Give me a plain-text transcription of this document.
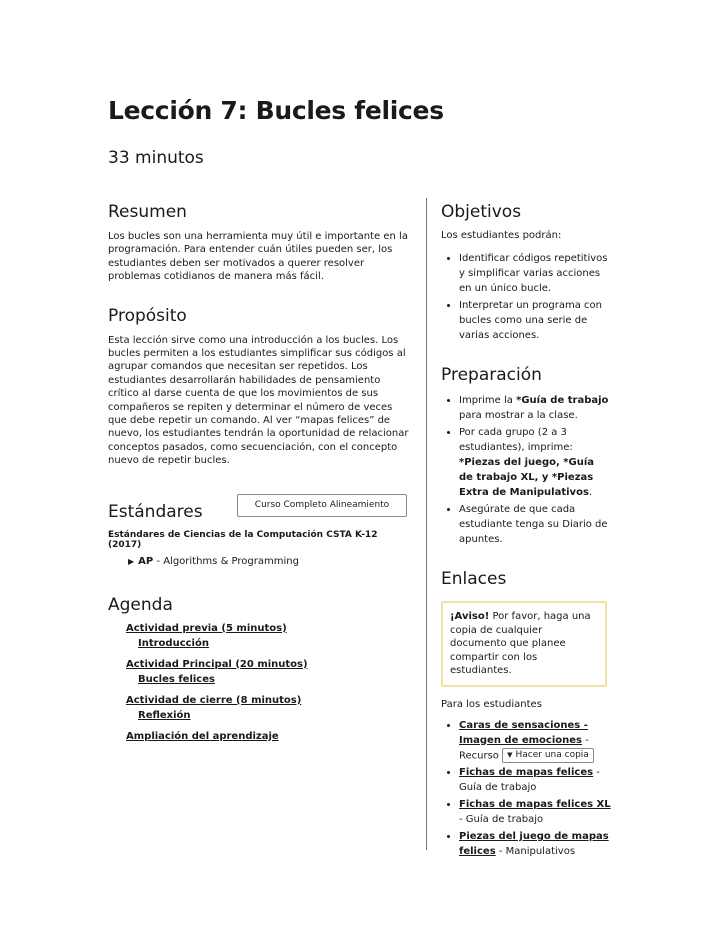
Lección 7: Bucles felices
33 minutos
Resumen

Los bucles son una herramienta muy útil e importante en la programación. Para entender cuán útiles pueden ser, los estudiantes deben ser motivados a querer resolver problemas cotidianos de manera más fácil.

Propósito

Esta lección sirve como una introducción a los bucles. Los bucles permiten a los estudiantes simplificar sus códigos al agrupar comandos que necesitan ser repetidos. Los estudiantes desarrollarán habilidades de pensamiento crítico al darse cuenta de que los movimientos de sus compañeros se repiten y determinar el número de veces que debe repetir un comando. Al ver “mapas felices” de nuevo, los estudiantes tendrán la oportunidad de relacionar conceptos pasados, como secuenciación, con el concepto nuevo de repetir bucles.

Estándares	Curso Completo Alineamiento
Estándares de Ciencias de la Computación CSTA K-12 (2017)
▶ AP - Algorithms & Programming
Agenda
Actividad previa (5 minutos)
Introducción
Actividad Principal (20 minutos)
Bucles felices
Actividad de cierre (8 minutos)
Reflexión
Ampliación del aprendizaje
Objetivos
Los estudiantes podrán:
• Identificar códigos repetitivos y simplificar varias acciones en un único bucle.
• Interpretar un programa con bucles como una serie de varias acciones.
Preparación
• Imprime la *Guía de trabajo para mostrar a la clase.
• Por cada grupo (2 a 3 estudiantes), imprime: *Piezas del juego, *Guía de trabajo XL, y *Piezas Extra de Manipulativos.
• Asegúrate de que cada estudiante tenga su Diario de apuntes.
Enlaces
¡Aviso! Por favor, haga una copia de cualquier documento que planee compartir con los estudiantes.
Para los estudiantes
• Caras de sensaciones - Imagen de emociones - Recurso ▼ Hacer una copia
• Fichas de mapas felices - Guía de trabajo
• Fichas de mapas felices XL - Guía de trabajo
• Piezas del juego de mapas felices - Manipulativos
